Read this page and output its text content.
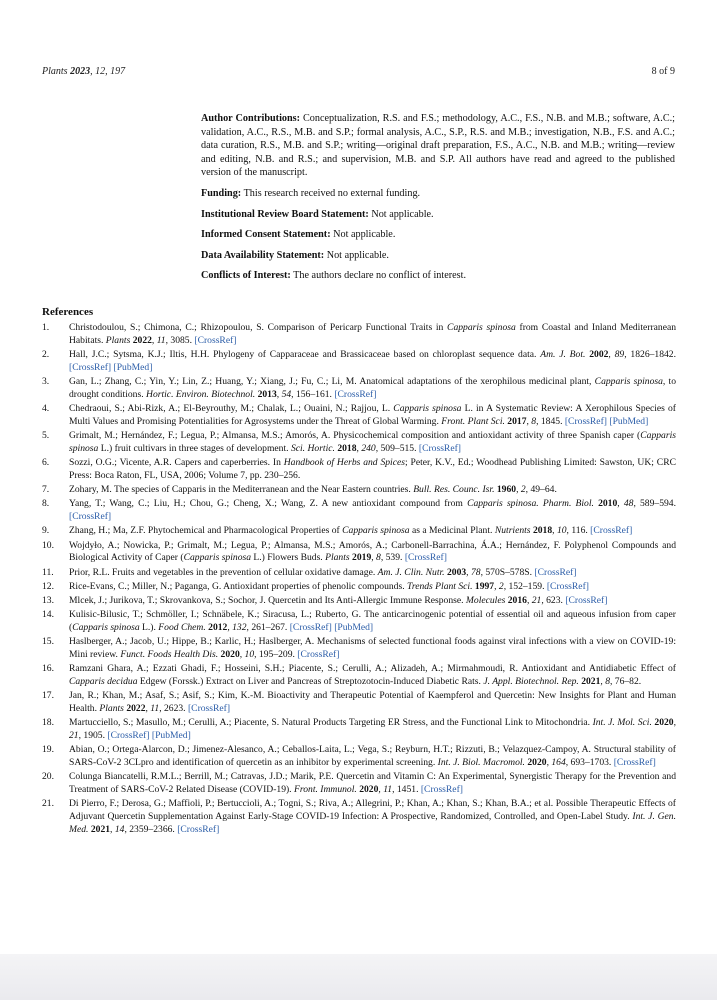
Plants 2023, 12, 197	8 of 9

Author Contributions: Conceptualization, R.S. and F.S.; methodology, A.C., F.S., N.B. and M.B.; software, A.C.; validation, A.C., R.S., M.B. and S.P.; formal analysis, A.C., S.P., R.S. and M.B.; investigation, N.B., F.S. and A.C.; data curation, R.S., M.B. and S.P.; writing—original draft preparation, F.S., A.C., N.B. and M.B.; writing—review and editing, N.B. and R.S.; and supervision, M.B. and S.P. All authors have read and agreed to the published version of the manuscript.

Funding: This research received no external funding.

Institutional Review Board Statement: Not applicable.

Informed Consent Statement: Not applicable.

Data Availability Statement: Not applicable.

Conflicts of Interest: The authors declare no conflict of interest.

References
1. Christodoulou, S.; Chimona, C.; Rhizopoulou, S. Comparison of Pericarp Functional Traits in Capparis spinosa from Coastal and Inland Mediterranean Habitats. Plants 2022, 11, 3085. [CrossRef]
2. Hall, J.C.; Sytsma, K.J.; Iltis, H.H. Phylogeny of Capparaceae and Brassicaceae based on chloroplast sequence data. Am. J. Bot. 2002, 89, 1826–1842. [CrossRef] [PubMed]
3. Gan, L.; Zhang, C.; Yin, Y.; Lin, Z.; Huang, Y.; Xiang, J.; Fu, C.; Li, M. Anatomical adaptations of the xerophilous medicinal plant, Capparis spinosa, to drought conditions. Hortic. Environ. Biotechnol. 2013, 54, 156–161. [CrossRef]
4. Chedraoui, S.; Abi-Rizk, A.; El-Beyrouthy, M.; Chalak, L.; Ouaini, N.; Rajjou, L. Capparis spinosa L. in A Systematic Review: A Xerophilous Species of Multi Values and Promising Potentialities for Agrosystems under the Threat of Global Warming. Front. Plant Sci. 2017, 8, 1845. [CrossRef] [PubMed]
5. Grimalt, M.; Hernández, F.; Legua, P.; Almansa, M.S.; Amorós, A. Physicochemical composition and antioxidant activity of three Spanish caper (Capparis spinosa L.) fruit cultivars in three stages of development. Sci. Hortic. 2018, 240, 509–515. [CrossRef]
6. Sozzi, O.G.; Vicente, A.R. Capers and caperberries. In Handbook of Herbs and Spices; Peter, K.V., Ed.; Woodhead Publishing Limited: Sawston, UK; CRC Press: Boca Raton, FL, USA, 2006; Volume 7, pp. 230–256.
7. Zohary, M. The species of Capparis in the Mediterranean and the Near Eastern countries. Bull. Res. Counc. Isr. 1960, 2, 49–64.
8. Yang, T.; Wang, C.; Liu, H.; Chou, G.; Cheng, X.; Wang, Z. A new antioxidant compound from Capparis spinosa. Pharm. Biol. 2010, 48, 589–594. [CrossRef]
9. Zhang, H.; Ma, Z.F. Phytochemical and Pharmacological Properties of Capparis spinosa as a Medicinal Plant. Nutrients 2018, 10, 116. [CrossRef]
10. Wojdyło, A.; Nowicka, P.; Grimalt, M.; Legua, P.; Almansa, M.S.; Amorós, A.; Carbonell-Barrachina, Á.A.; Hernández, F. Polyphenol Compounds and Biological Activity of Caper (Capparis spinosa L.) Flowers Buds. Plants 2019, 8, 539. [CrossRef]
11. Prior, R.L. Fruits and vegetables in the prevention of cellular oxidative damage. Am. J. Clin. Nutr. 2003, 78, 570S–578S. [CrossRef]
12. Rice-Evans, C.; Miller, N.; Paganga, G. Antioxidant properties of phenolic compounds. Trends Plant Sci. 1997, 2, 152–159. [CrossRef]
13. Mlcek, J.; Jurikova, T.; Skrovankova, S.; Sochor, J. Quercetin and Its Anti-Allergic Immune Response. Molecules 2016, 21, 623. [CrossRef]
14. Kulisic-Bilusic, T.; Schmöller, I.; Schnäbele, K.; Siracusa, L.; Ruberto, G. The anticarcinogenic potential of essential oil and aqueous infusion from caper (Capparis spinosa L.). Food Chem. 2012, 132, 261–267. [CrossRef] [PubMed]
15. Haslberger, A.; Jacob, U.; Hippe, B.; Karlic, H.; Haslberger, A. Mechanisms of selected functional foods against viral infections with a view on COVID-19: Mini review. Funct. Foods Health Dis. 2020, 10, 195–209. [CrossRef]
16. Ramzani Ghara, A.; Ezzati Ghadi, F.; Hosseini, S.H.; Piacente, S.; Cerulli, A.; Alizadeh, A.; Mirmahmoudi, R. Antioxidant and Antidiabetic Effect of Capparis decidua Edgew (Forssk.) Extract on Liver and Pancreas of Streptozotocin-Induced Diabetic Rats. J. Appl. Biotechnol. Rep. 2021, 8, 76–82.
17. Jan, R.; Khan, M.; Asaf, S.; Asif, S.; Kim, K.-M. Bioactivity and Therapeutic Potential of Kaempferol and Quercetin: New Insights for Plant and Human Health. Plants 2022, 11, 2623. [CrossRef]
18. Martucciello, S.; Masullo, M.; Cerulli, A.; Piacente, S. Natural Products Targeting ER Stress, and the Functional Link to Mitochondria. Int. J. Mol. Sci. 2020, 21, 1905. [CrossRef] [PubMed]
19. Abian, O.; Ortega-Alarcon, D.; Jimenez-Alesanco, A.; Ceballos-Laita, L.; Vega, S.; Reyburn, H.T.; Rizzuti, B.; Velazquez-Campoy, A. Structural stability of SARS-CoV-2 3CLpro and identification of quercetin as an inhibitor by experimental screening. Int. J. Biol. Macromol. 2020, 164, 693–1703. [CrossRef]
20. Colunga Biancatelli, R.M.L.; Berrill, M.; Catravas, J.D.; Marik, P.E. Quercetin and Vitamin C: An Experimental, Synergistic Therapy for the Prevention and Treatment of SARS-CoV-2 Related Disease (COVID-19). Front. Immunol. 2020, 11, 1451. [CrossRef]
21. Di Pierro, F.; Derosa, G.; Maffioli, P.; Bertuccioli, A.; Togni, S.; Riva, A.; Allegrini, P.; Khan, A.; Khan, S.; Khan, B.A.; et al. Possible Therapeutic Effects of Adjuvant Quercetin Supplementation Against Early-Stage COVID-19 Infection: A Prospective, Randomized, Controlled, and Open-Label Study. Int. J. Gen. Med. 2021, 14, 2359–2366. [CrossRef]
